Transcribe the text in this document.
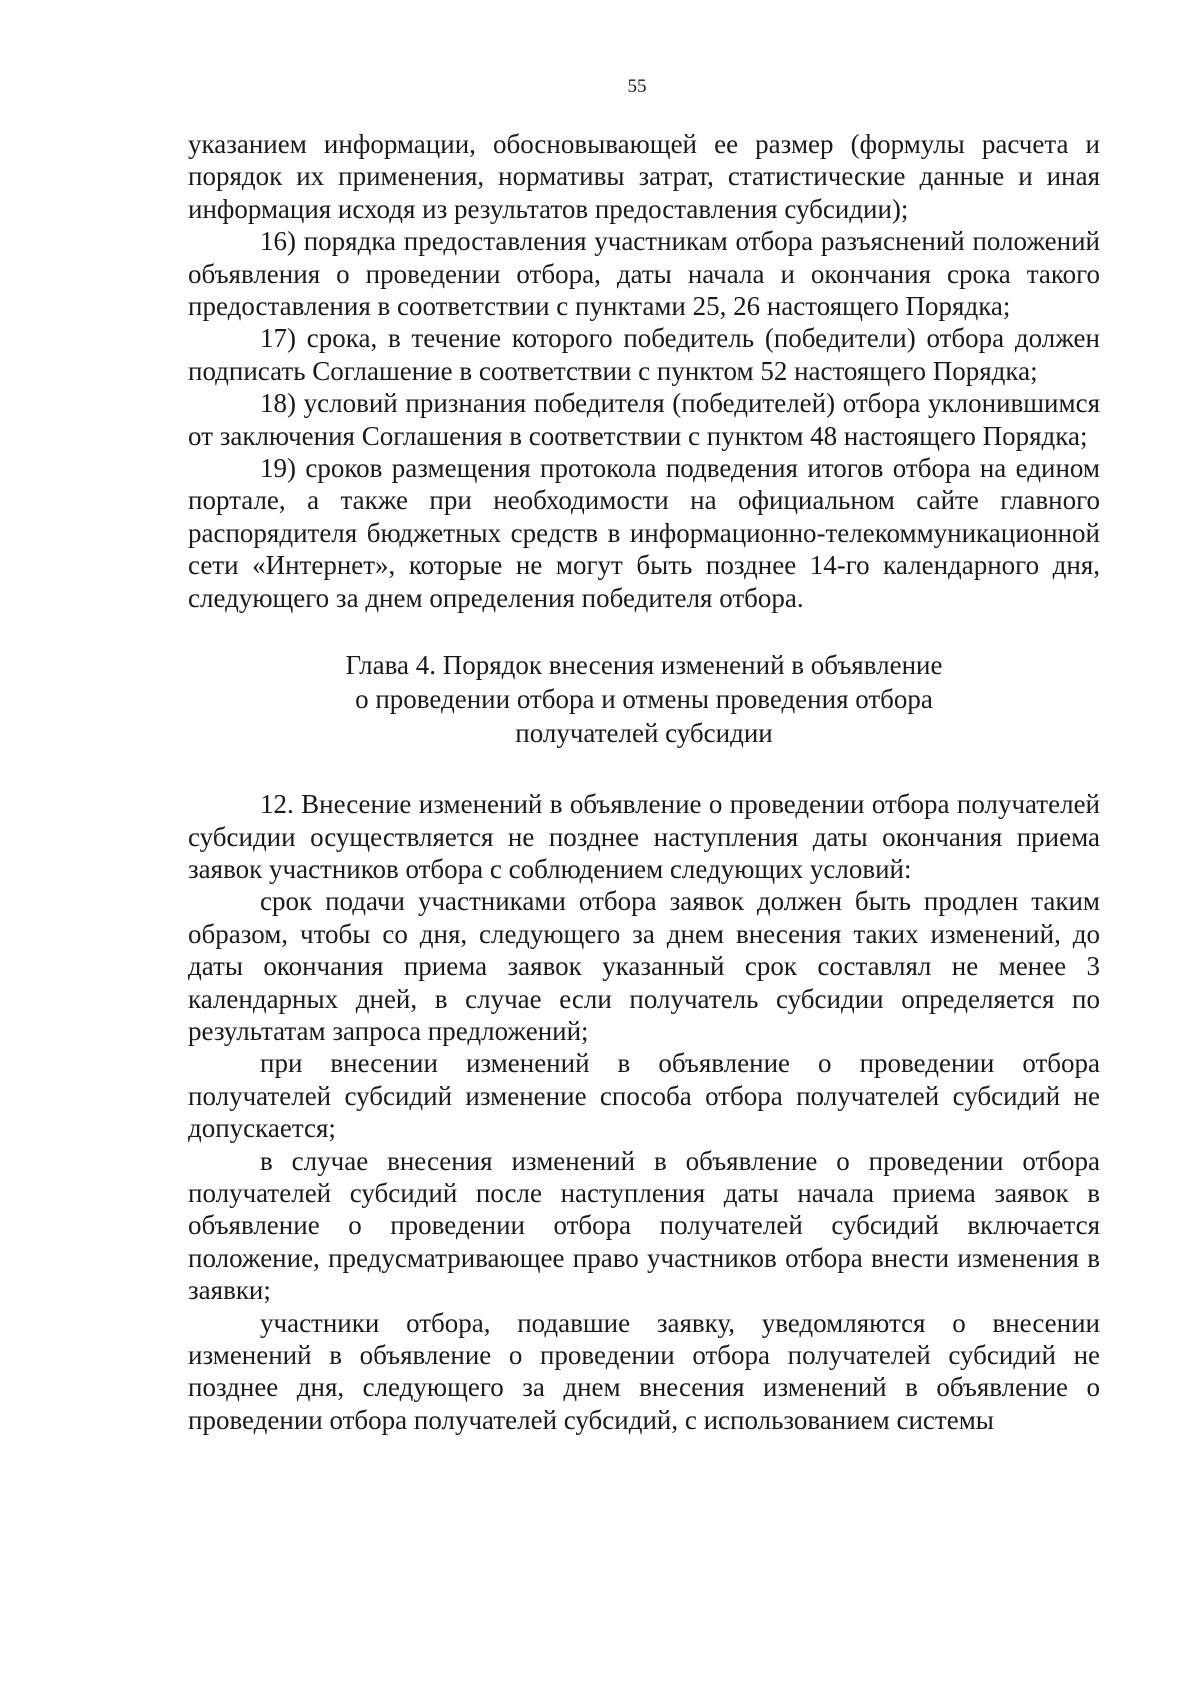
55

указанием информации, обосновывающей ее размер (формулы расчета и порядок их применения, нормативы затрат, статистические данные и иная информация исходя из результатов предоставления субсидии);

16) порядка предоставления участникам отбора разъяснений положений объявления о проведении отбора, даты начала и окончания срока такого предоставления в соответствии с пунктами 25, 26 настоящего Порядка;

17) срока, в течение которого победитель (победители) отбора должен подписать Соглашение в соответствии с пунктом 52 настоящего Порядка;

18) условий признания победителя (победителей) отбора уклонившимся от заключения Соглашения в соответствии с пунктом 48 настоящего Порядка;

19) сроков размещения протокола подведения итогов отбора на едином портале, а также при необходимости на официальном сайте главного распорядителя бюджетных средств в информационно-телекоммуникационной сети «Интернет», которые не могут быть позднее 14-го календарного дня, следующего за днем определения победителя отбора.

Глава 4. Порядок внесения изменений в объявление
о проведении отбора и отмены проведения отбора
получателей субсидии

12. Внесение изменений в объявление о проведении отбора получателей субсидии осуществляется не позднее наступления даты окончания приема заявок участников отбора с соблюдением следующих условий:

срок подачи участниками отбора заявок должен быть продлен таким образом, чтобы со дня, следующего за днем внесения таких изменений, до даты окончания приема заявок указанный срок составлял не менее 3 календарных дней, в случае если получатель субсидии определяется по результатам запроса предложений;

при внесении изменений в объявление о проведении отбора получателей субсидий изменение способа отбора получателей субсидий не допускается;

в случае внесения изменений в объявление о проведении отбора получателей субсидий после наступления даты начала приема заявок в объявление о проведении отбора получателей субсидий включается положение, предусматривающее право участников отбора внести изменения в заявки;

участники отбора, подавшие заявку, уведомляются о внесении изменений в объявление о проведении отбора получателей субсидий не позднее дня, следующего за днем внесения изменений в объявление о проведении отбора получателей субсидий, с использованием системы
